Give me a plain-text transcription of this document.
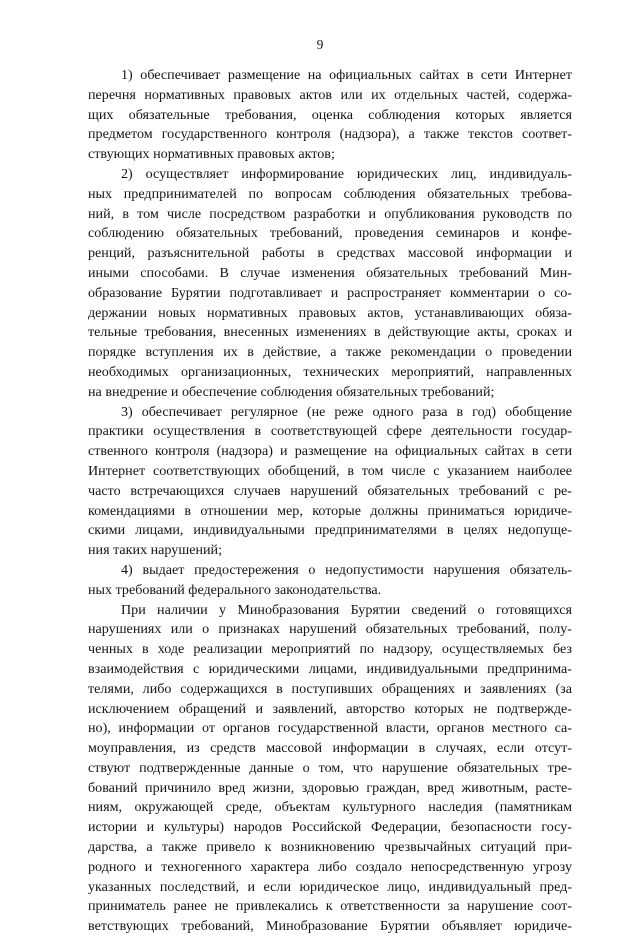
9
1) обеспечивает размещение на официальных сайтах в сети Интернет
перечня нормативных правовых актов или их отдельных частей, содержа-
щих обязательные требования, оценка соблюдения которых является
предметом государственного контроля (надзора), а также текстов соответ-
ствующих нормативных правовых актов;
2) осуществляет информирование юридических лиц, индивидуаль-
ных предпринимателей по вопросам соблюдения обязательных требова-
ний, в том числе посредством разработки и опубликования руководств по
соблюдению обязательных требований, проведения семинаров и конфе-
ренций, разъяснительной работы в средствах массовой информации и
иными способами. В случае изменения обязательных требований Мин-
образование Бурятии подготавливает и распространяет комментарии о со-
держании новых нормативных правовых актов, устанавливающих обяза-
тельные требования, внесенных изменениях в действующие акты, сроках и
порядке вступления их в действие, а также рекомендации о проведении
необходимых организационных, технических мероприятий, направленных
на внедрение и обеспечение соблюдения обязательных требований;
3) обеспечивает регулярное (не реже одного раза в год) обобщение
практики осуществления в соответствующей сфере деятельности государ-
ственного контроля (надзора) и размещение на официальных сайтах в сети
Интернет соответствующих обобщений, в том числе с указанием наиболее
часто встречающихся случаев нарушений обязательных требований с ре-
комендациями в отношении мер, которые должны приниматься юридиче-
скими лицами, индивидуальными предпринимателями в целях недопуще-
ния таких нарушений;
4) выдает предостережения о недопустимости нарушения обязатель-
ных требований федерального законодательства.
При наличии у Минобразования Бурятии сведений о готовящихся
нарушениях или о признаках нарушений обязательных требований, полу-
ченных в ходе реализации мероприятий по надзору, осуществляемых без
взаимодействия с юридическими лицами, индивидуальными предпринима-
телями, либо содержащихся в поступивших обращениях и заявлениях (за
исключением обращений и заявлений, авторство которых не подтвержде-
но), информации от органов государственной власти, органов местного са-
моуправления, из средств массовой информации в случаях, если отсут-
ствуют подтвержденные данные о том, что нарушение обязательных тре-
бований причинило вред жизни, здоровью граждан, вред животным, расте-
ниям, окружающей среде, объектам культурного наследия (памятникам
истории и культуры) народов Российской Федерации, безопасности госу-
дарства, а также привело к возникновению чрезвычайных ситуаций при-
родного и техногенного характера либо создало непосредственную угрозу
указанных последствий, и если юридическое лицо, индивидуальный пред-
приниматель ранее не привлекались к ответственности за нарушение соот-
ветствующих требований, Минобразование Бурятии объявляет юридиче-
